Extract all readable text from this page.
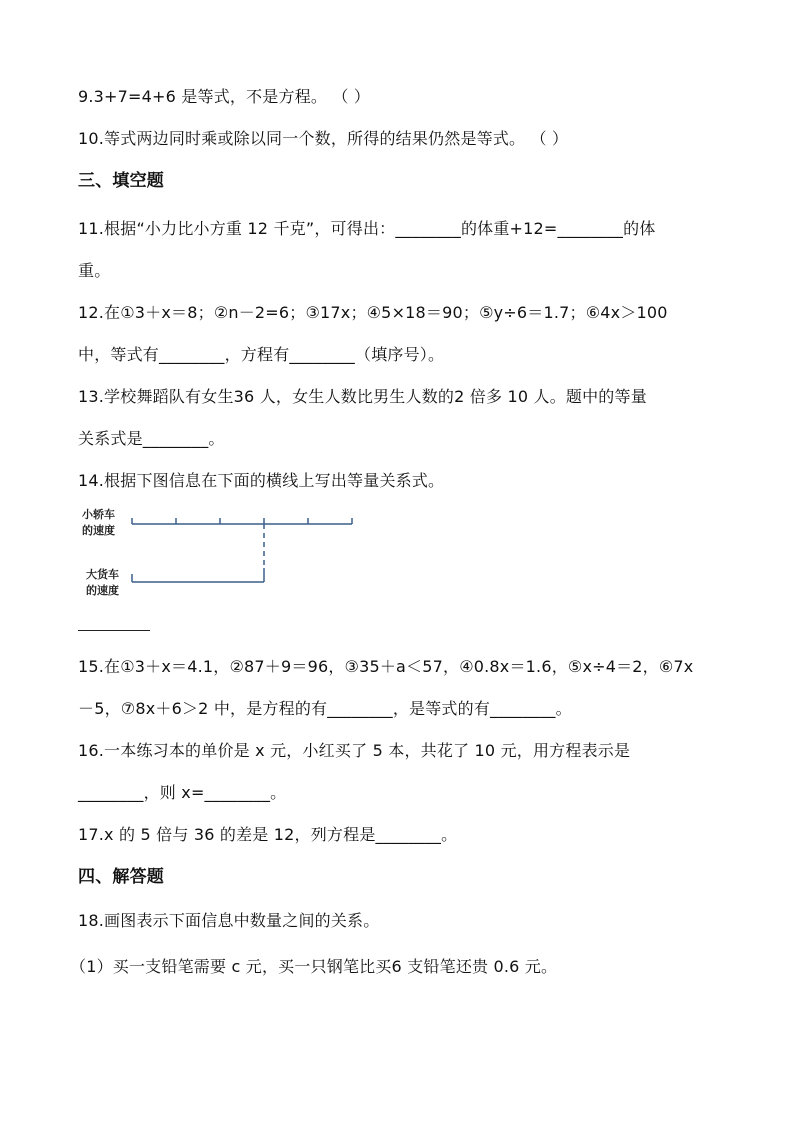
9.3+7=4+6 是等式，不是方程。 （ ）
10.等式两边同时乘或除以同一个数，所得的结果仍然是等式。 （ ）
三、填空题
11.根据“小力比小方重 12 千克”，可得出：________的体重+12=________的体
重。
12.在①3＋x＝8；②n－2=6；③17x；④5×18＝90；⑤y÷6＝1.7；⑥4x＞100
中，等式有________，方程有________（填序号）。
13.学校舞蹈队有女生36 人，女生人数比男生人数的2 倍多 10 人。题中的等量
关系式是________。
14.根据下图信息在下面的横线上写出等量关系式。
小轿车
的速度
大货车
的速度
15.在①3＋x＝4.1，②87＋9＝96，③35＋a＜57，④0.8x＝1.6，⑤x÷4＝2，⑥7x
－5，⑦8x＋6＞2 中，是方程的有________，是等式的有________。
16.一本练习本的单价是 x 元，小红买了 5 本，共花了 10 元，用方程表示是
________，则 x=________。
17.x 的 5 倍与 36 的差是 12，列方程是________。
四、解答题
18.画图表示下面信息中数量之间的关系。
（1）买一支铅笔需要 c 元，买一只钢笔比买6 支铅笔还贵 0.6 元。
